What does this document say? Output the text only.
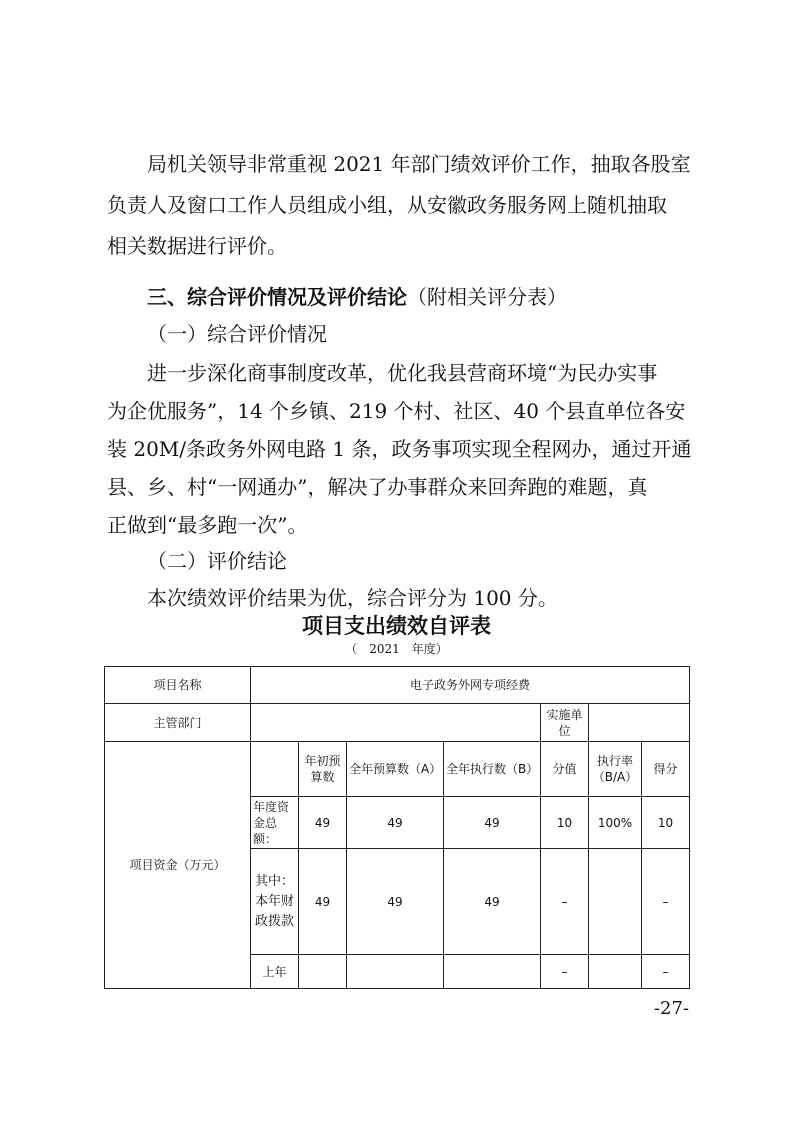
局机关领导非常重视 2021 年部门绩效评价工作，抽取各股室
负责人及窗口工作人员组成小组，从安徽政务服务网上随机抽取
相关数据进行评价。
三、综合评价情况及评价结论（附相关评分表）
（一）综合评价情况
进一步深化商事制度改革，优化我县营商环境“为民办实事
为企优服务”，14 个乡镇、219 个村、社区、40 个县直单位各安
装 20M/条政务外网电路 1 条，政务事项实现全程网办，通过开通
县、乡、村“一网通办”，解决了办事群众来回奔跑的难题，真
正做到“最多跑一次”。
（二）评价结论
本次绩效评价结果为优，综合评分为 100 分。
项目支出绩效自评表
（　2021　年度）
项目名称	电子政务外网专项经费						
主管部门					实施单位		
项目资金（万元）		年初预算数	全年预算数（A）	全年执行数（B）	分值	执行率（B/A）	得分
	年度资金总额：	49	49	49	10	100%	10
	其中：本年财政拨款	49	49	49	–		–
	上年				–		–
-27-
